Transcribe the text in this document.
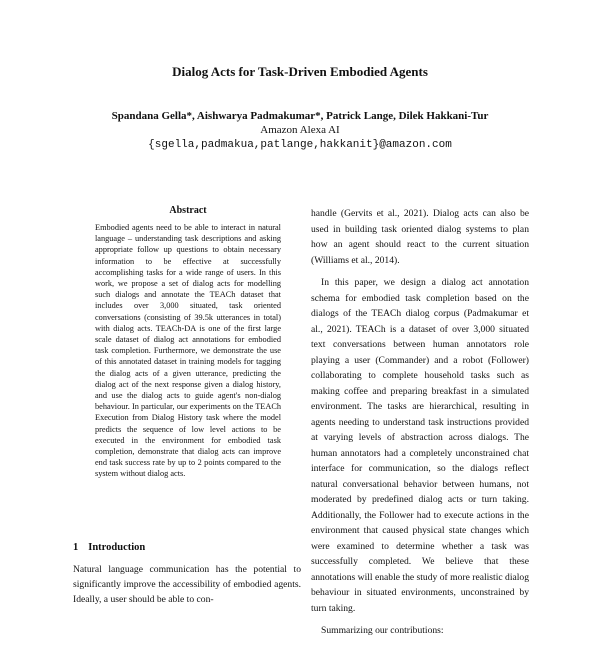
Dialog Acts for Task-Driven Embodied Agents
Spandana Gella*, Aishwarya Padmakumar*, Patrick Lange, Dilek Hakkani-Tur
Amazon Alexa AI
{sgella,padmakua,patlange,hakkanit}@amazon.com
Abstract
Embodied agents need to be able to interact in natural language – understanding task descriptions and asking appropriate follow up questions to obtain necessary information to be effective at successfully accomplishing tasks for a wide range of users. In this work, we propose a set of dialog acts for modelling such dialogs and annotate the TEACh dataset that includes over 3,000 situated, task oriented conversations (consisting of 39.5k utterances in total) with dialog acts. TEACh-DA is one of the first large scale dataset of dialog act annotations for embodied task completion. Furthermore, we demonstrate the use of this annotated dataset in training models for tagging the dialog acts of a given utterance, predicting the dialog act of the next response given a dialog history, and use the dialog acts to guide agent's non-dialog behaviour. In particular, our experiments on the TEACh Execution from Dialog History task where the model predicts the sequence of low level actions to be executed in the environment for embodied task completion, demonstrate that dialog acts can improve end task success rate by up to 2 points compared to the system without dialog acts.
1 Introduction
Natural language communication has the potential to significantly improve the accessibility of embodied agents. Ideally, a user should be able to con-

handle (Gervits et al., 2021). Dialog acts can also be used in building task oriented dialog systems to plan how an agent should react to the current situation (Williams et al., 2014).

In this paper, we design a dialog act annotation schema for embodied task completion based on the dialogs of the TEACh dialog corpus (Padmakumar et al., 2021). TEACh is a dataset of over 3,000 situated text conversations between human annotators role playing a user (Commander) and a robot (Follower) collaborating to complete household tasks such as making coffee and preparing breakfast in a simulated environment. The tasks are hierarchical, resulting in agents needing to understand task instructions provided at varying levels of abstraction across dialogs. The human annotators had a completely unconstrained chat interface for communication, so the dialogs reflect natural conversational behavior between humans, not moderated by predefined dialog acts or turn taking. Additionally, the Follower had to execute actions in the environment that caused physical state changes which were examined to determine whether a task was successfully completed. We believe that these annotations will enable the study of more realistic dialog behaviour in situated environments, unconstrained by turn taking.

Summarizing our contributions:
